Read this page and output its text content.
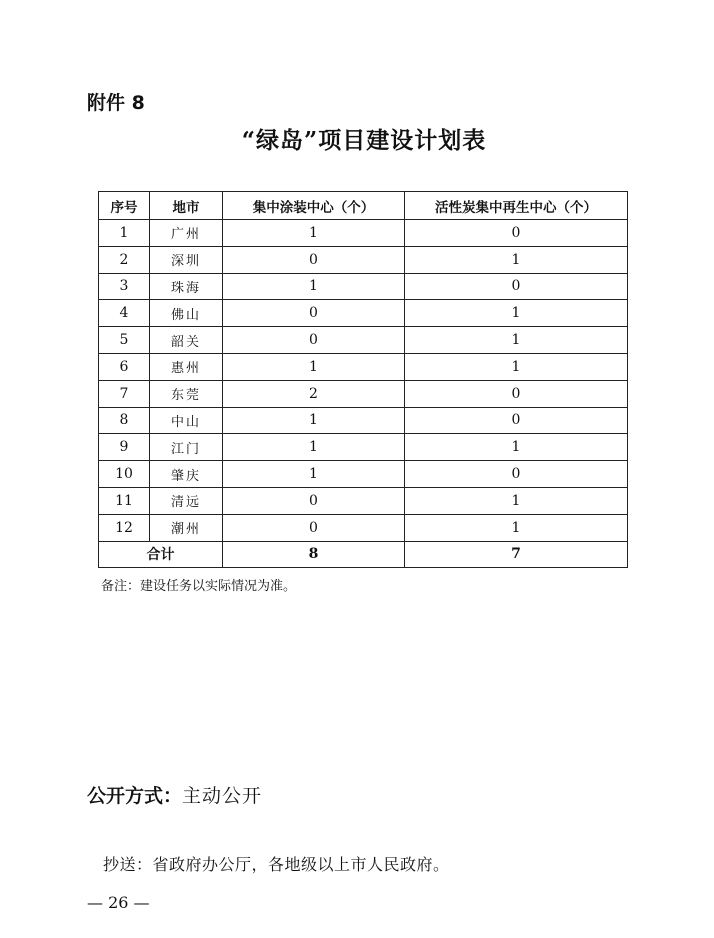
附件 8
“绿岛”项目建设计划表
序号	地市	集中涂装中心（个）	活性炭集中再生中心（个）
1	广州	1	0
2	深圳	0	1
3	珠海	1	0
4	佛山	0	1
5	韶关	0	1
6	惠州	1	1
7	东莞	2	0
8	中山	1	0
9	江门	1	1
10	肇庆	1	0
11	清远	0	1
12	潮州	0	1
合计		8	7
备注：建设任务以实际情况为准。
公开方式：主动公开
抄送：省政府办公厅，各地级以上市人民政府。
— 26 —
